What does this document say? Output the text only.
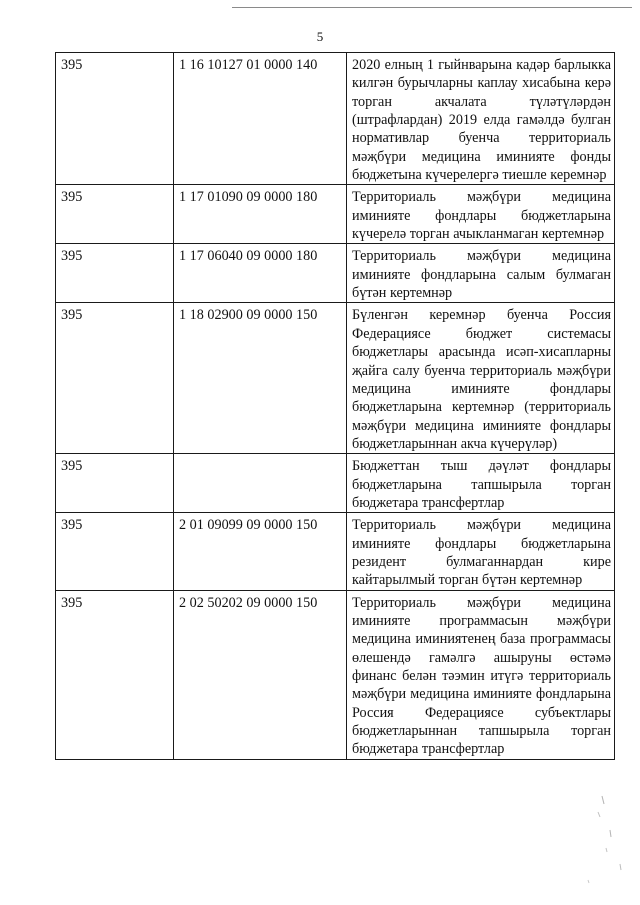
5
395	1 16 10127 01 0000 140	2020 елның 1 гыйнварына кадәр барлыкка килгән бурычларны каплау хисабына керә торган акчалата түләтүләрдән (штрафлардан) 2019 елда гамәлдә булган нормативлар буенча территориаль мәҗбүри медицина иминияте фонды бюджетына күчерелергә тиешле керемнәр
395	1 17 01090 09 0000 180	Территориаль мәҗбүри медицина иминияте фондлары бюджетларына күчерелә торган ачыкланмаган кертемнәр
395	1 17 06040 09 0000 180	Территориаль мәҗбүри медицина иминияте фондларына салым булмаган бүтән кертемнәр
395	1 18 02900 09 0000 150	Бүленгән керемнәр буенча Россия Федерациясе бюджет системасы бюджетлары арасында исәп-хисапларны җайга салу буенча территориаль мәҗбүри медицина иминияте фондлары бюджетларына кертемнәр (территориаль мәҗбүри медицина иминияте фондлары бюджетларыннан акча күчерүләр)
395		Бюджеттан тыш дәүләт фондлары бюджетларына тапшырыла торган бюджетара трансфертлар
395	2 01 09099 09 0000 150	Территориаль мәҗбүри медицина иминияте фондлары бюджетларына резидент булмаганнардан кире кайтарылмый торган бүтән кертемнәр
395	2 02 50202 09 0000 150	Территориаль мәҗбүри медицина иминияте программасын мәҗбүри медицина иминиятенең база программасы өлешендә гамәлгә ашыруны өстәмә финанс белән тәэмин итүгә территориаль мәҗбүри медицина иминияте фондларына Россия Федерациясе субъектлары бюджетларыннан тапшырыла торган бюджетара трансфертлар
